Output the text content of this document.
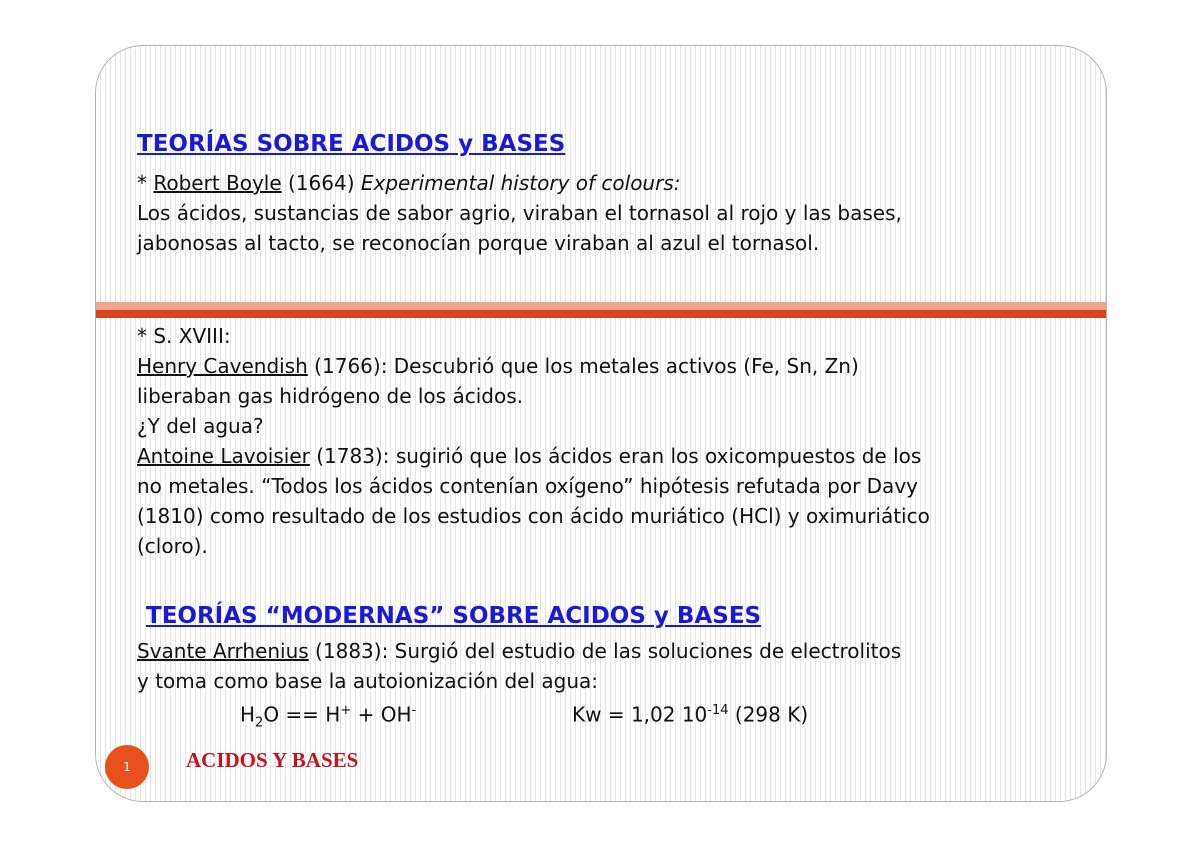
TEORÍAS SOBRE ACIDOS y BASES
* Robert Boyle (1664) Experimental history of colours:
Los ácidos, sustancias de sabor agrio, viraban el tornasol al rojo y las bases,
jabonosas al tacto, se reconocían porque viraban al azul el tornasol.
* S. XVIII:
Henry Cavendish (1766): Descubrió que los metales activos (Fe, Sn, Zn)
liberaban gas hidrógeno de los ácidos.
¿Y del agua?
Antoine Lavoisier (1783): sugirió que los ácidos eran los oxicompuestos de los
no metales. “Todos los ácidos contenían oxígeno” hipótesis refutada por Davy
(1810) como resultado de los estudios con ácido muriático (HCl) y oximuriático
(cloro).
TEORÍAS “MODERNAS” SOBRE ACIDOS y BASES
Svante Arrhenius (1883): Surgió del estudio de las soluciones de electrolitos
y toma como base la autoionización del agua:
$H_2O == H^+ + OH^-$	Kw = 1,02 $10^{-14}$ (298 K)
1	ACIDOS Y BASES
